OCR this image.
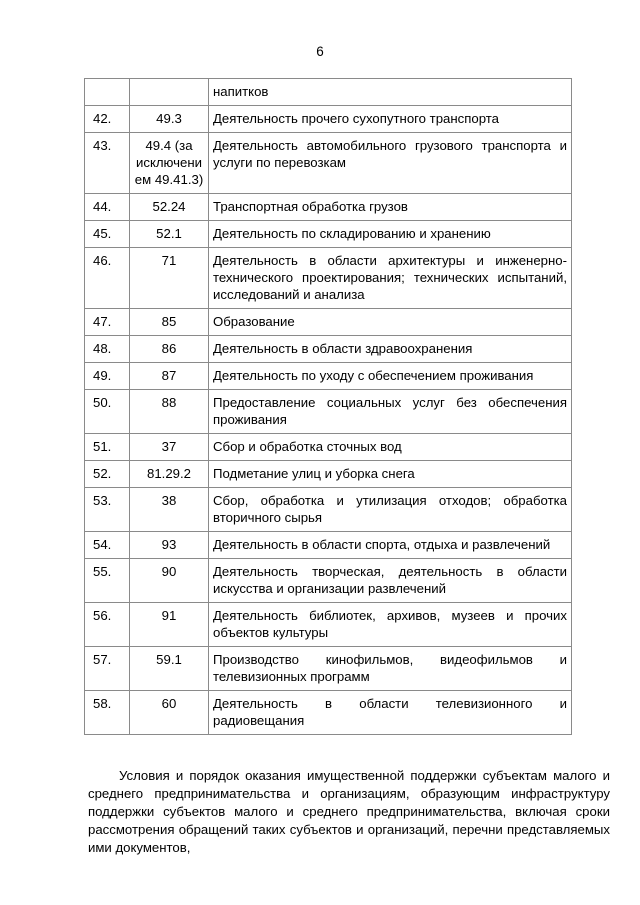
6
		напитков
42.	49.3	Деятельность прочего сухопутного транспорта
43.	49.4 (за исключени ем 49.41.3)	Деятельность автомобильного грузового транспорта и услуги по перевозкам
44.	52.24	Транспортная обработка грузов
45.	52.1	Деятельность по складированию и хранению
46.	71	Деятельность в области архитектуры и инженерно-технического проектирования; технических испытаний, исследований и анализа
47.	85	Образование
48.	86	Деятельность в области здравоохранения
49.	87	Деятельность по уходу с обеспечением проживания
50.	88	Предоставление социальных услуг без обеспечения проживания
51.	37	Сбор и обработка сточных вод
52.	81.29.2	Подметание улиц и уборка снега
53.	38	Сбор, обработка и утилизация отходов; обработка вторичного сырья
54.	93	Деятельность в области спорта, отдыха и развлечений
55.	90	Деятельность творческая, деятельность в области искусства и организации развлечений
56.	91	Деятельность библиотек, архивов, музеев и прочих объектов культуры
57.	59.1	Производство кинофильмов, видеофильмов и телевизионных программ
58.	60	Деятельность в области телевизионного и радиовещания

Условия и порядок оказания имущественной поддержки субъектам малого и среднего предпринимательства и организациям, образующим инфраструктуру поддержки субъектов малого и среднего предпринимательства, включая сроки рассмотрения обращений таких субъектов и организаций, перечни представляемых ими документов,
